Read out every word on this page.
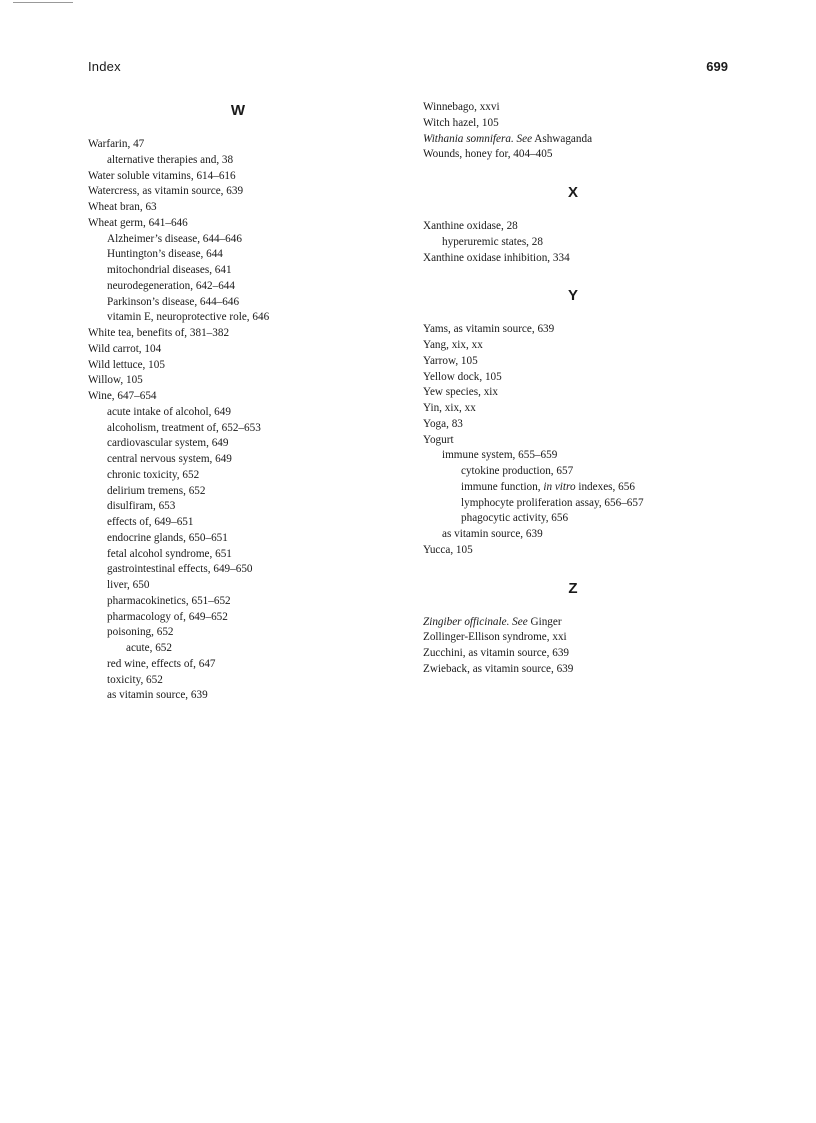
Index	699
W
Warfarin, 47
alternative therapies and, 38
Water soluble vitamins, 614–616
Watercress, as vitamin source, 639
Wheat bran, 63
Wheat germ, 641–646
Alzheimer’s disease, 644–646
Huntington’s disease, 644
mitochondrial diseases, 641
neurodegeneration, 642–644
Parkinson’s disease, 644–646
vitamin E, neuroprotective role, 646
White tea, benefits of, 381–382
Wild carrot, 104
Wild lettuce, 105
Willow, 105
Wine, 647–654
acute intake of alcohol, 649
alcoholism, treatment of, 652–653
cardiovascular system, 649
central nervous system, 649
chronic toxicity, 652
delirium tremens, 652
disulfiram, 653
effects of, 649–651
endocrine glands, 650–651
fetal alcohol syndrome, 651
gastrointestinal effects, 649–650
liver, 650
pharmacokinetics, 651–652
pharmacology of, 649–652
poisoning, 652
acute, 652
red wine, effects of, 647
toxicity, 652
as vitamin source, 639
Winnebago, xxvi
Witch hazel, 105
Withania somnifera. See Ashwaganda
Wounds, honey for, 404–405
X
Xanthine oxidase, 28
hyperuremic states, 28
Xanthine oxidase inhibition, 334
Y
Yams, as vitamin source, 639
Yang, xix, xx
Yarrow, 105
Yellow dock, 105
Yew species, xix
Yin, xix, xx
Yoga, 83
Yogurt
immune system, 655–659
cytokine production, 657
immune function, in vitro indexes, 656
lymphocyte proliferation assay, 656–657
phagocytic activity, 656
as vitamin source, 639
Yucca, 105
Z
Zingiber officinale. See Ginger
Zollinger-Ellison syndrome, xxi
Zucchini, as vitamin source, 639
Zwieback, as vitamin source, 639
